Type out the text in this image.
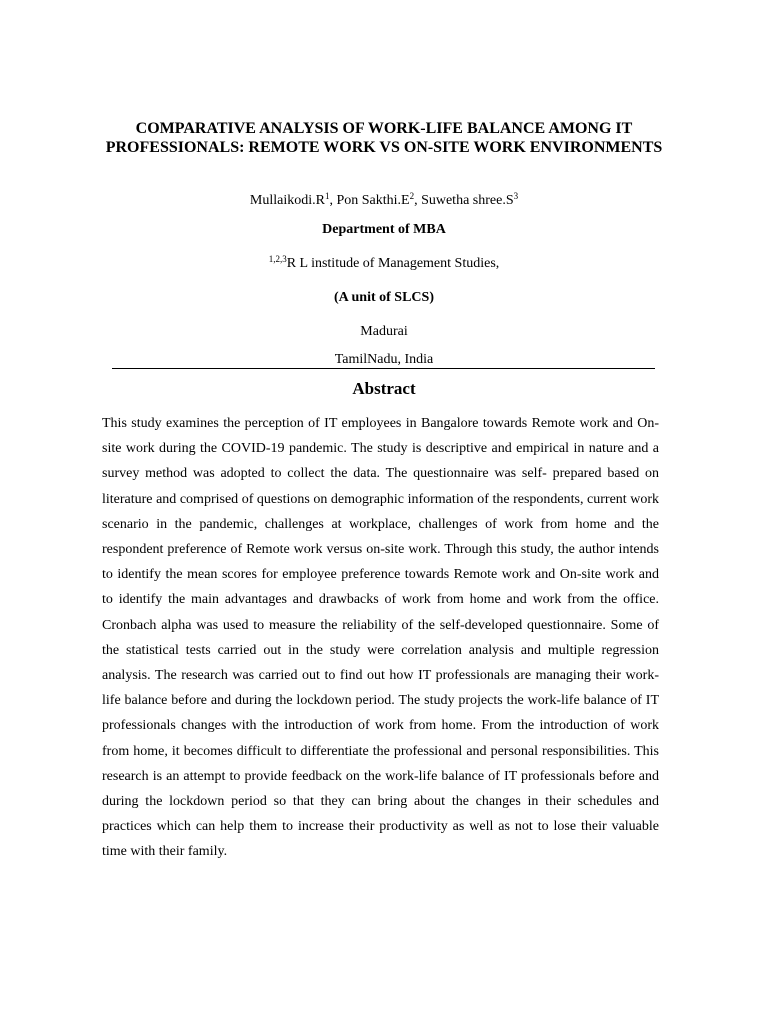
COMPARATIVE ANALYSIS OF WORK-LIFE BALANCE AMONG IT PROFESSIONALS: REMOTE WORK VS ON-SITE WORK ENVIRONMENTS

$Mullaikodi.R^1$, Pon $Sakthi.E^2$, Suwetha $shree.S^3$

Department of MBA

$^{1,2,3}$R L institude of Management Studies,

(A unit of SLCS)

Madurai

TamilNadu, India

Abstract

This study examines the perception of IT employees in Bangalore towards Remote work and On-site work during the COVID-19 pandemic. The study is descriptive and empirical in nature and a survey method was adopted to collect the data. The questionnaire was self- prepared based on literature and comprised of questions on demographic information of the respondents, current work scenario in the pandemic, challenges at workplace, challenges of work from home and the respondent preference of Remote work versus on-site work. Through this study, the author intends to identify the mean scores for employee preference towards Remote work and On-site work and to identify the main advantages and drawbacks of work from home and work from the office. Cronbach alpha was used to measure the reliability of the self-developed questionnaire. Some of the statistical tests carried out in the study were correlation analysis and multiple regression analysis. The research was carried out to find out how IT professionals are managing their work-life balance before and during the lockdown period. The study projects the work-life balance of IT professionals changes with the introduction of work from home. From the introduction of work from home, it becomes difficult to differentiate the professional and personal responsibilities. This research is an attempt to provide feedback on the work-life balance of IT professionals before and during the lockdown period so that they can bring about the changes in their schedules and practices which can help them to increase their productivity as well as not to lose their valuable time with their family.
